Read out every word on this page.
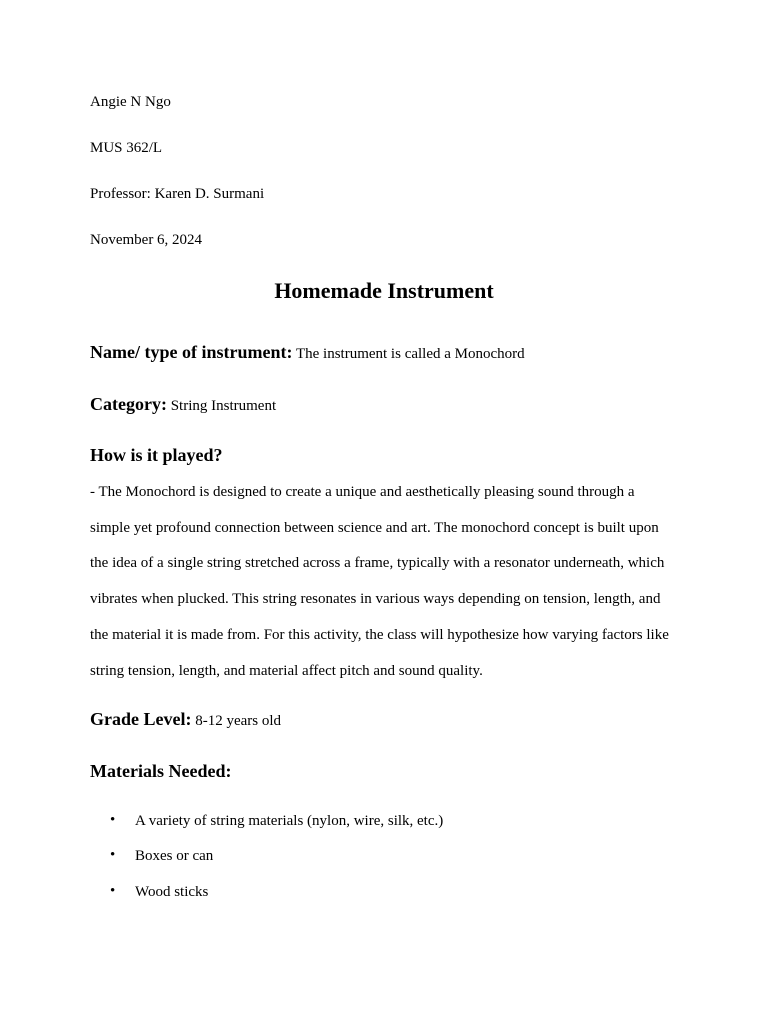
Angie N Ngo
MUS 362/L
Professor: Karen D. Surmani
November 6, 2024
Homemade Instrument
Name/ type of instrument: The instrument is called a Monochord
Category: String Instrument
How is it played?
- The Monochord is designed to create a unique and aesthetically pleasing sound through a
simple yet profound connection between science and art. The monochord concept is built upon
the idea of a single string stretched across a frame, typically with a resonator underneath, which
vibrates when plucked. This string resonates in various ways depending on tension, length, and
the material it is made from. For this activity, the class will hypothesize how varying factors like
string tension, length, and material affect pitch and sound quality.
Grade Level: 8-12 years old
Materials Needed:
• A variety of string materials (nylon, wire, silk, etc.)
• Boxes or can
• Wood sticks
